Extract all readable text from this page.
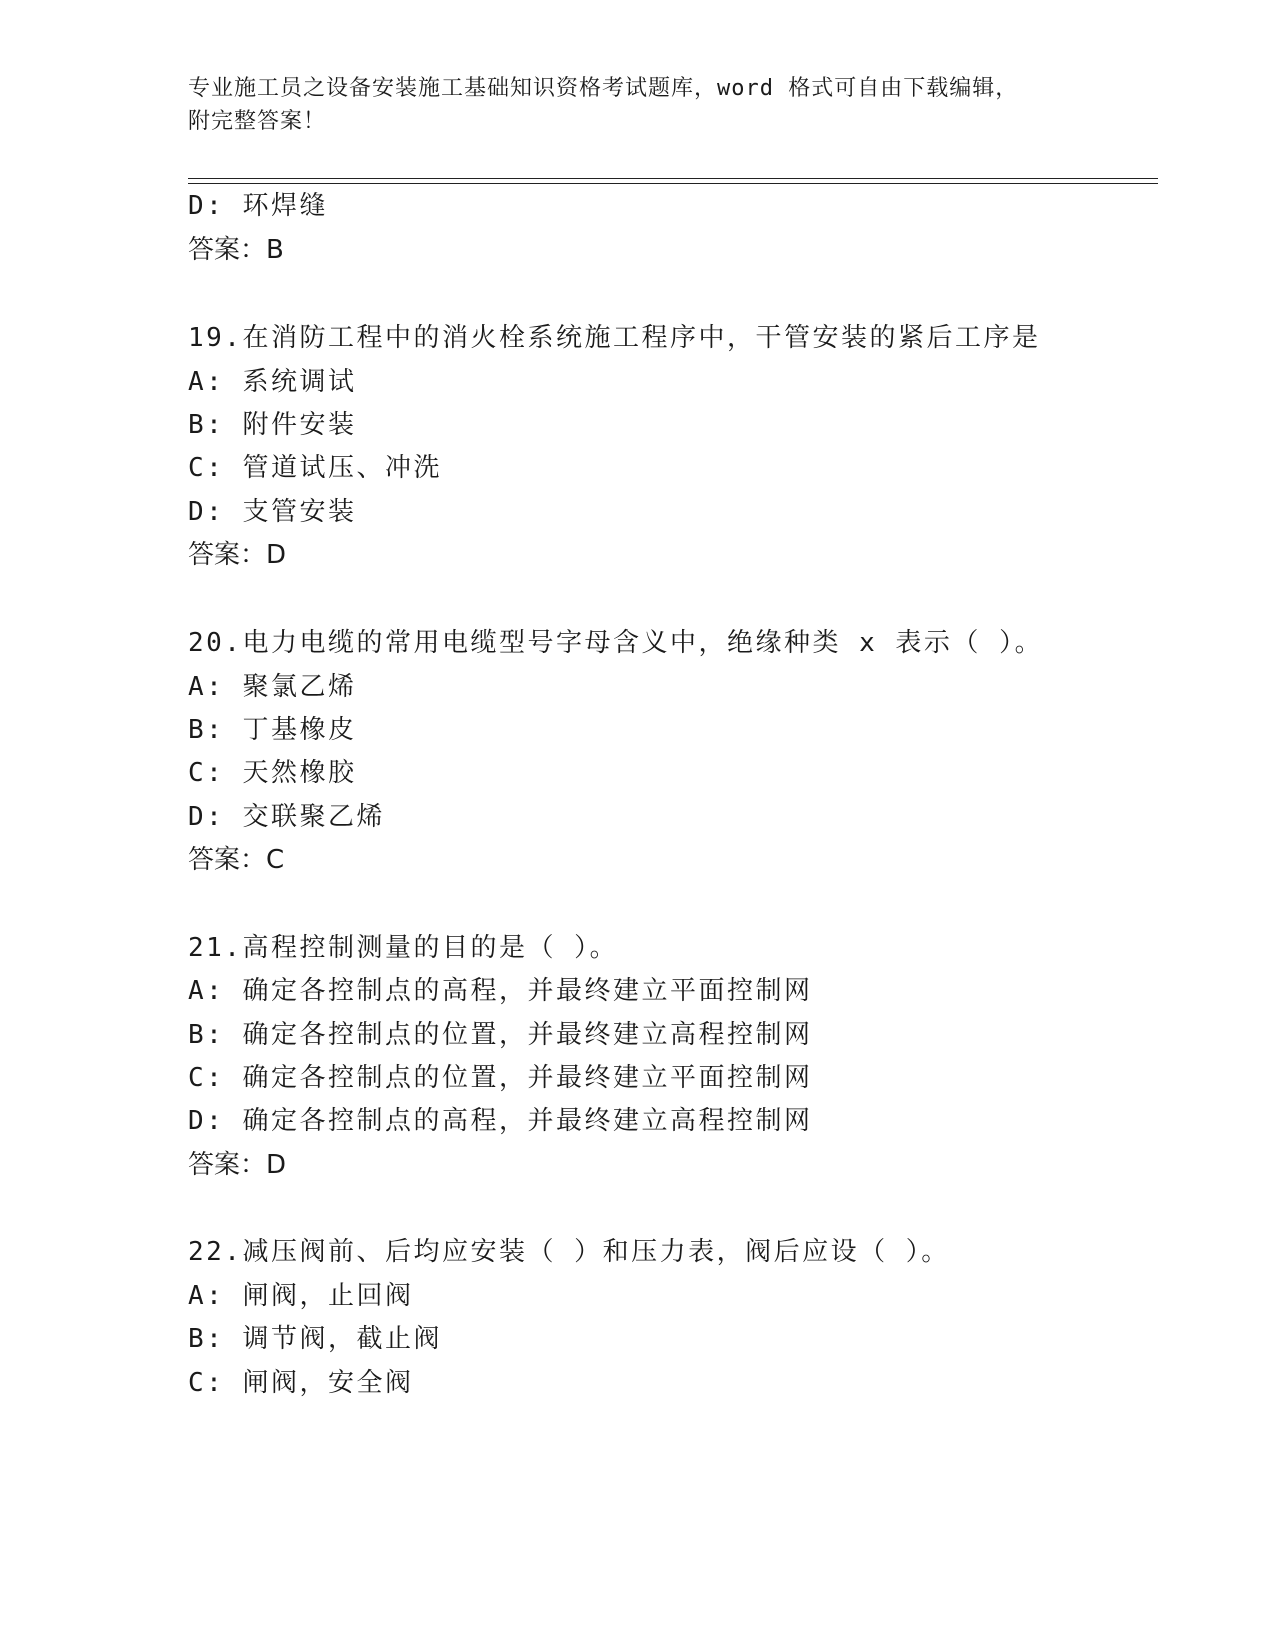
专业施工员之设备安装施工基础知识资格考试题库，word 格式可自由下载编辑，
附完整答案！
D: 环焊缝
答案：B
19.在消防工程中的消火栓系统施工程序中，干管安装的紧后工序是
A: 系统调试
B: 附件安装
C: 管道试压、冲洗
D: 支管安装
答案：D
20.电力电缆的常用电缆型号字母含义中，绝缘种类 x 表示（ ）。
A: 聚氯乙烯
B: 丁基橡皮
C: 天然橡胶
D: 交联聚乙烯
答案：C
21.高程控制测量的目的是（ ）。
A: 确定各控制点的高程，并最终建立平面控制网
B: 确定各控制点的位置，并最终建立高程控制网
C: 确定各控制点的位置，并最终建立平面控制网
D: 确定各控制点的高程，并最终建立高程控制网
答案：D
22.减压阀前、后均应安装（ ）和压力表，阀后应设（ ）。
A: 闸阀，止回阀
B: 调节阀，截止阀
C: 闸阀，安全阀
